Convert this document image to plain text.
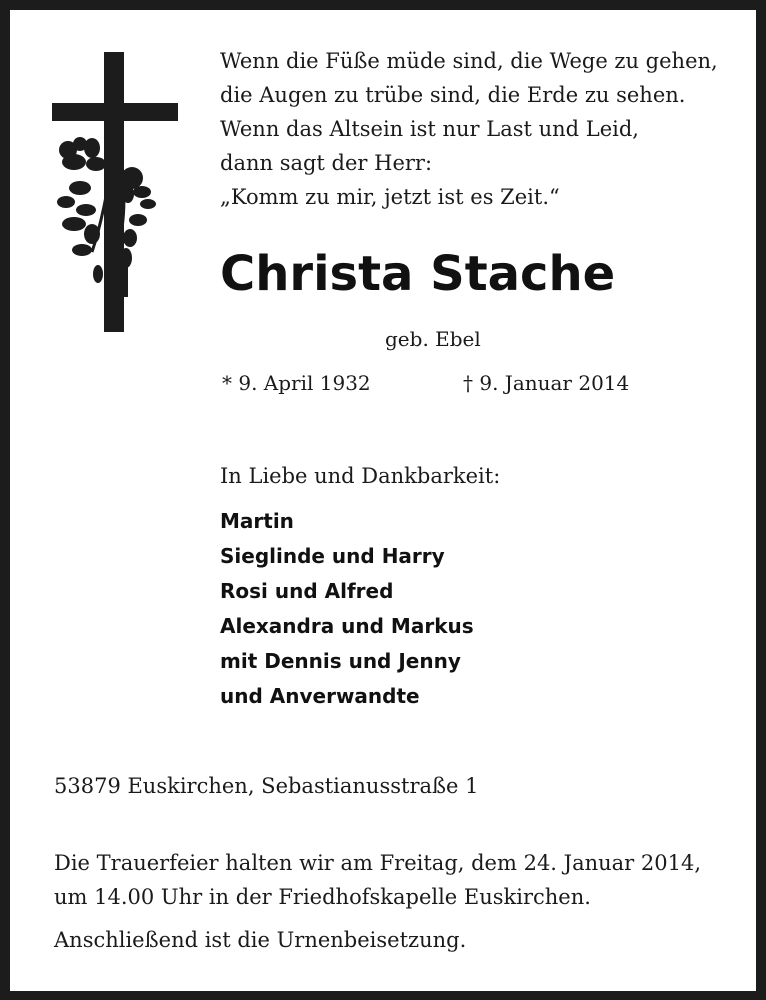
Wenn die Füße müde sind, die Wege zu gehen,
die Augen zu trübe sind, die Erde zu sehen.
Wenn das Altsein ist nur Last und Leid,
dann sagt der Herr:
„Komm zu mir, jetzt ist es Zeit.“
Christa Stache
geb. Ebel
* 9. April 1932	† 9. Januar 2014
In Liebe und Dankbarkeit:
Martin
Sieglinde und Harry
Rosi und Alfred
Alexandra und Markus
mit Dennis und Jenny
und Anverwandte
53879 Euskirchen, Sebastianusstraße 1
Die Trauerfeier halten wir am Freitag, dem 24. Januar 2014,
um 14.00 Uhr in der Friedhofskapelle Euskirchen.
Anschließend ist die Urnenbeisetzung.
